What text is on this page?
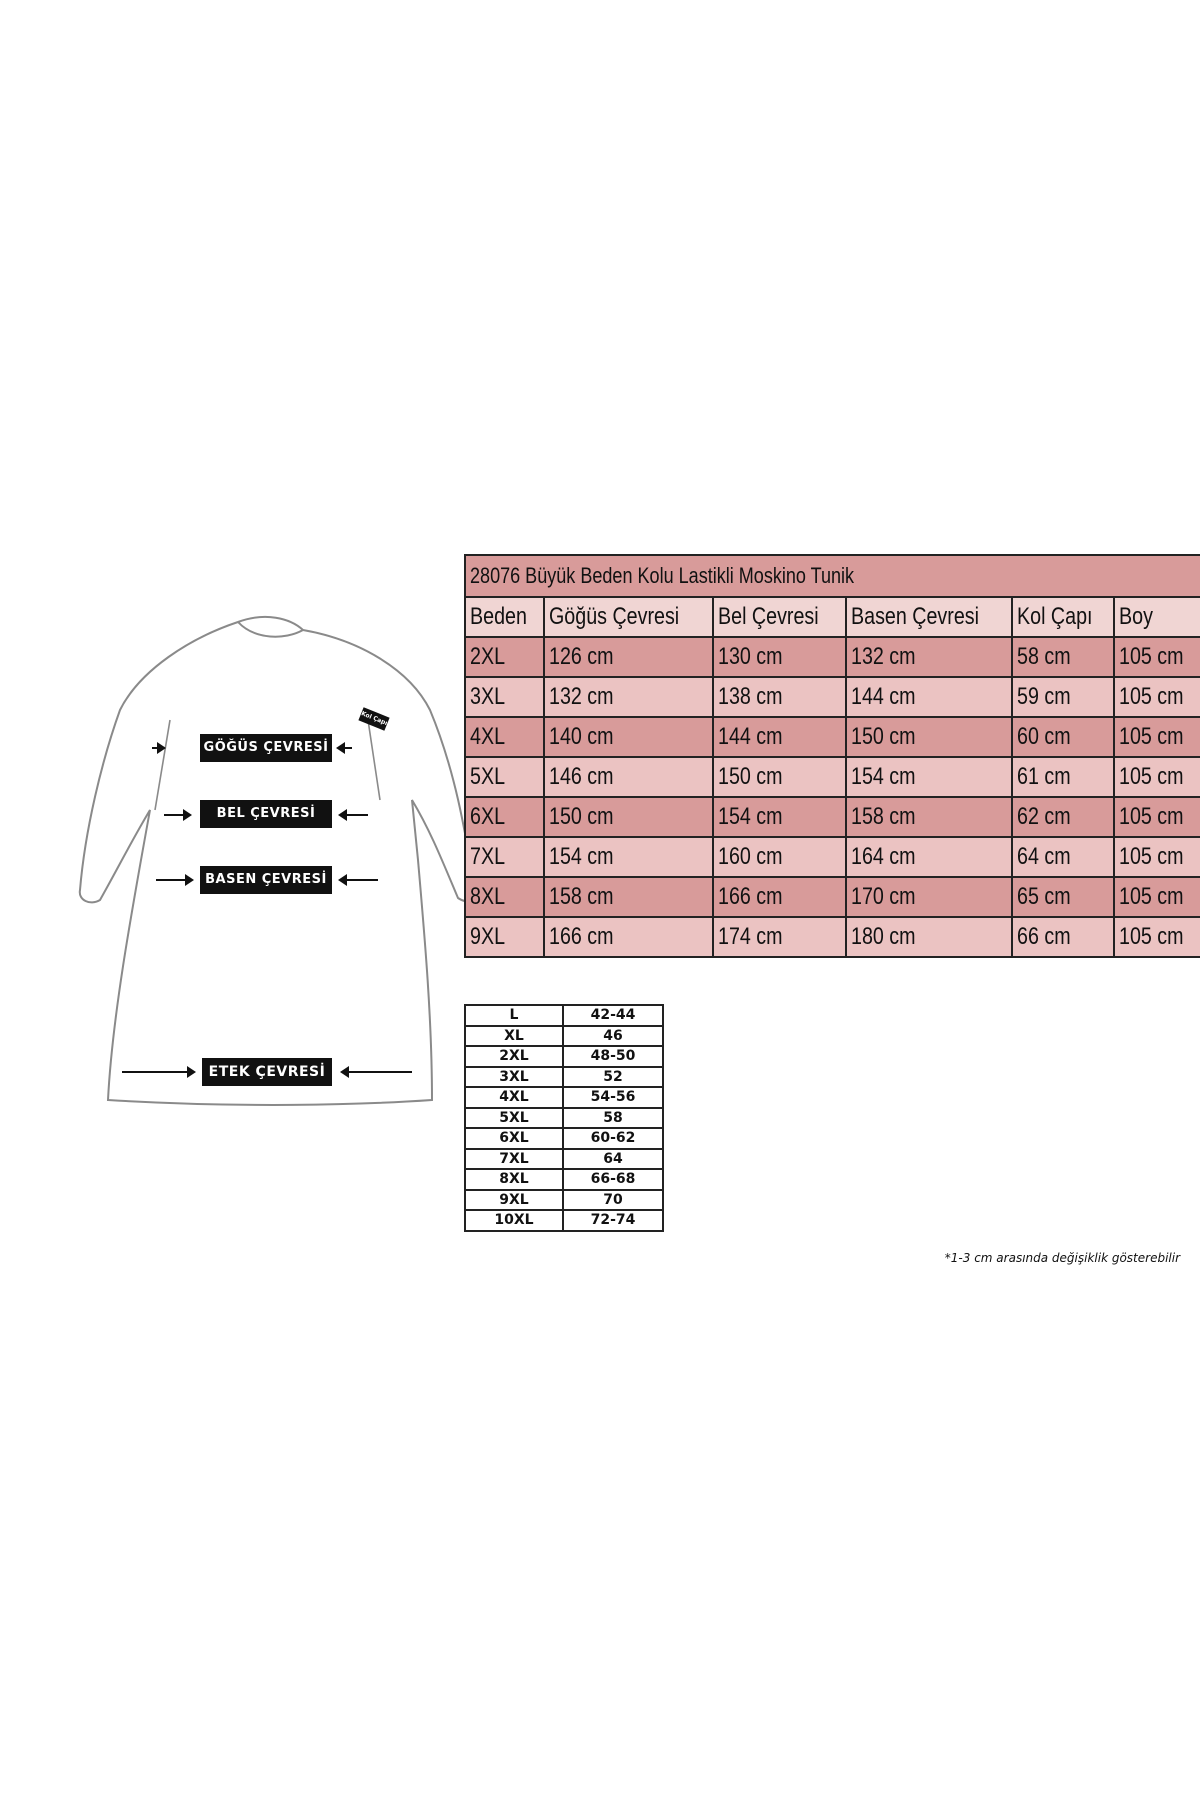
Kol Çapı
GÖĞÜS ÇEVRESİ
BEL ÇEVRESİ
BASEN ÇEVRESİ
ETEK ÇEVRESİ
28076 Büyük Beden Kolu Lastikli Moskino Tunik					
Beden	Göğüs Çevresi	Bel Çevresi	Basen Çevresi	Kol Çapı	Boy
2XL	126 cm	130 cm	132 cm	58 cm	105 cm
3XL	132 cm	138 cm	144 cm	59 cm	105 cm
4XL	140 cm	144 cm	150 cm	60 cm	105 cm
5XL	146 cm	150 cm	154 cm	61 cm	105 cm
6XL	150 cm	154 cm	158 cm	62 cm	105 cm
7XL	154 cm	160 cm	164 cm	64 cm	105 cm
8XL	158 cm	166 cm	170 cm	65 cm	105 cm
9XL	166 cm	174 cm	180 cm	66 cm	105 cm
L	42-44
XL	46
2XL	48-50
3XL	52
4XL	54-56
5XL	58
6XL	60-62
7XL	64
8XL	66-68
9XL	70
10XL	72-74
*1-3 cm arasında değişiklik gösterebilir
